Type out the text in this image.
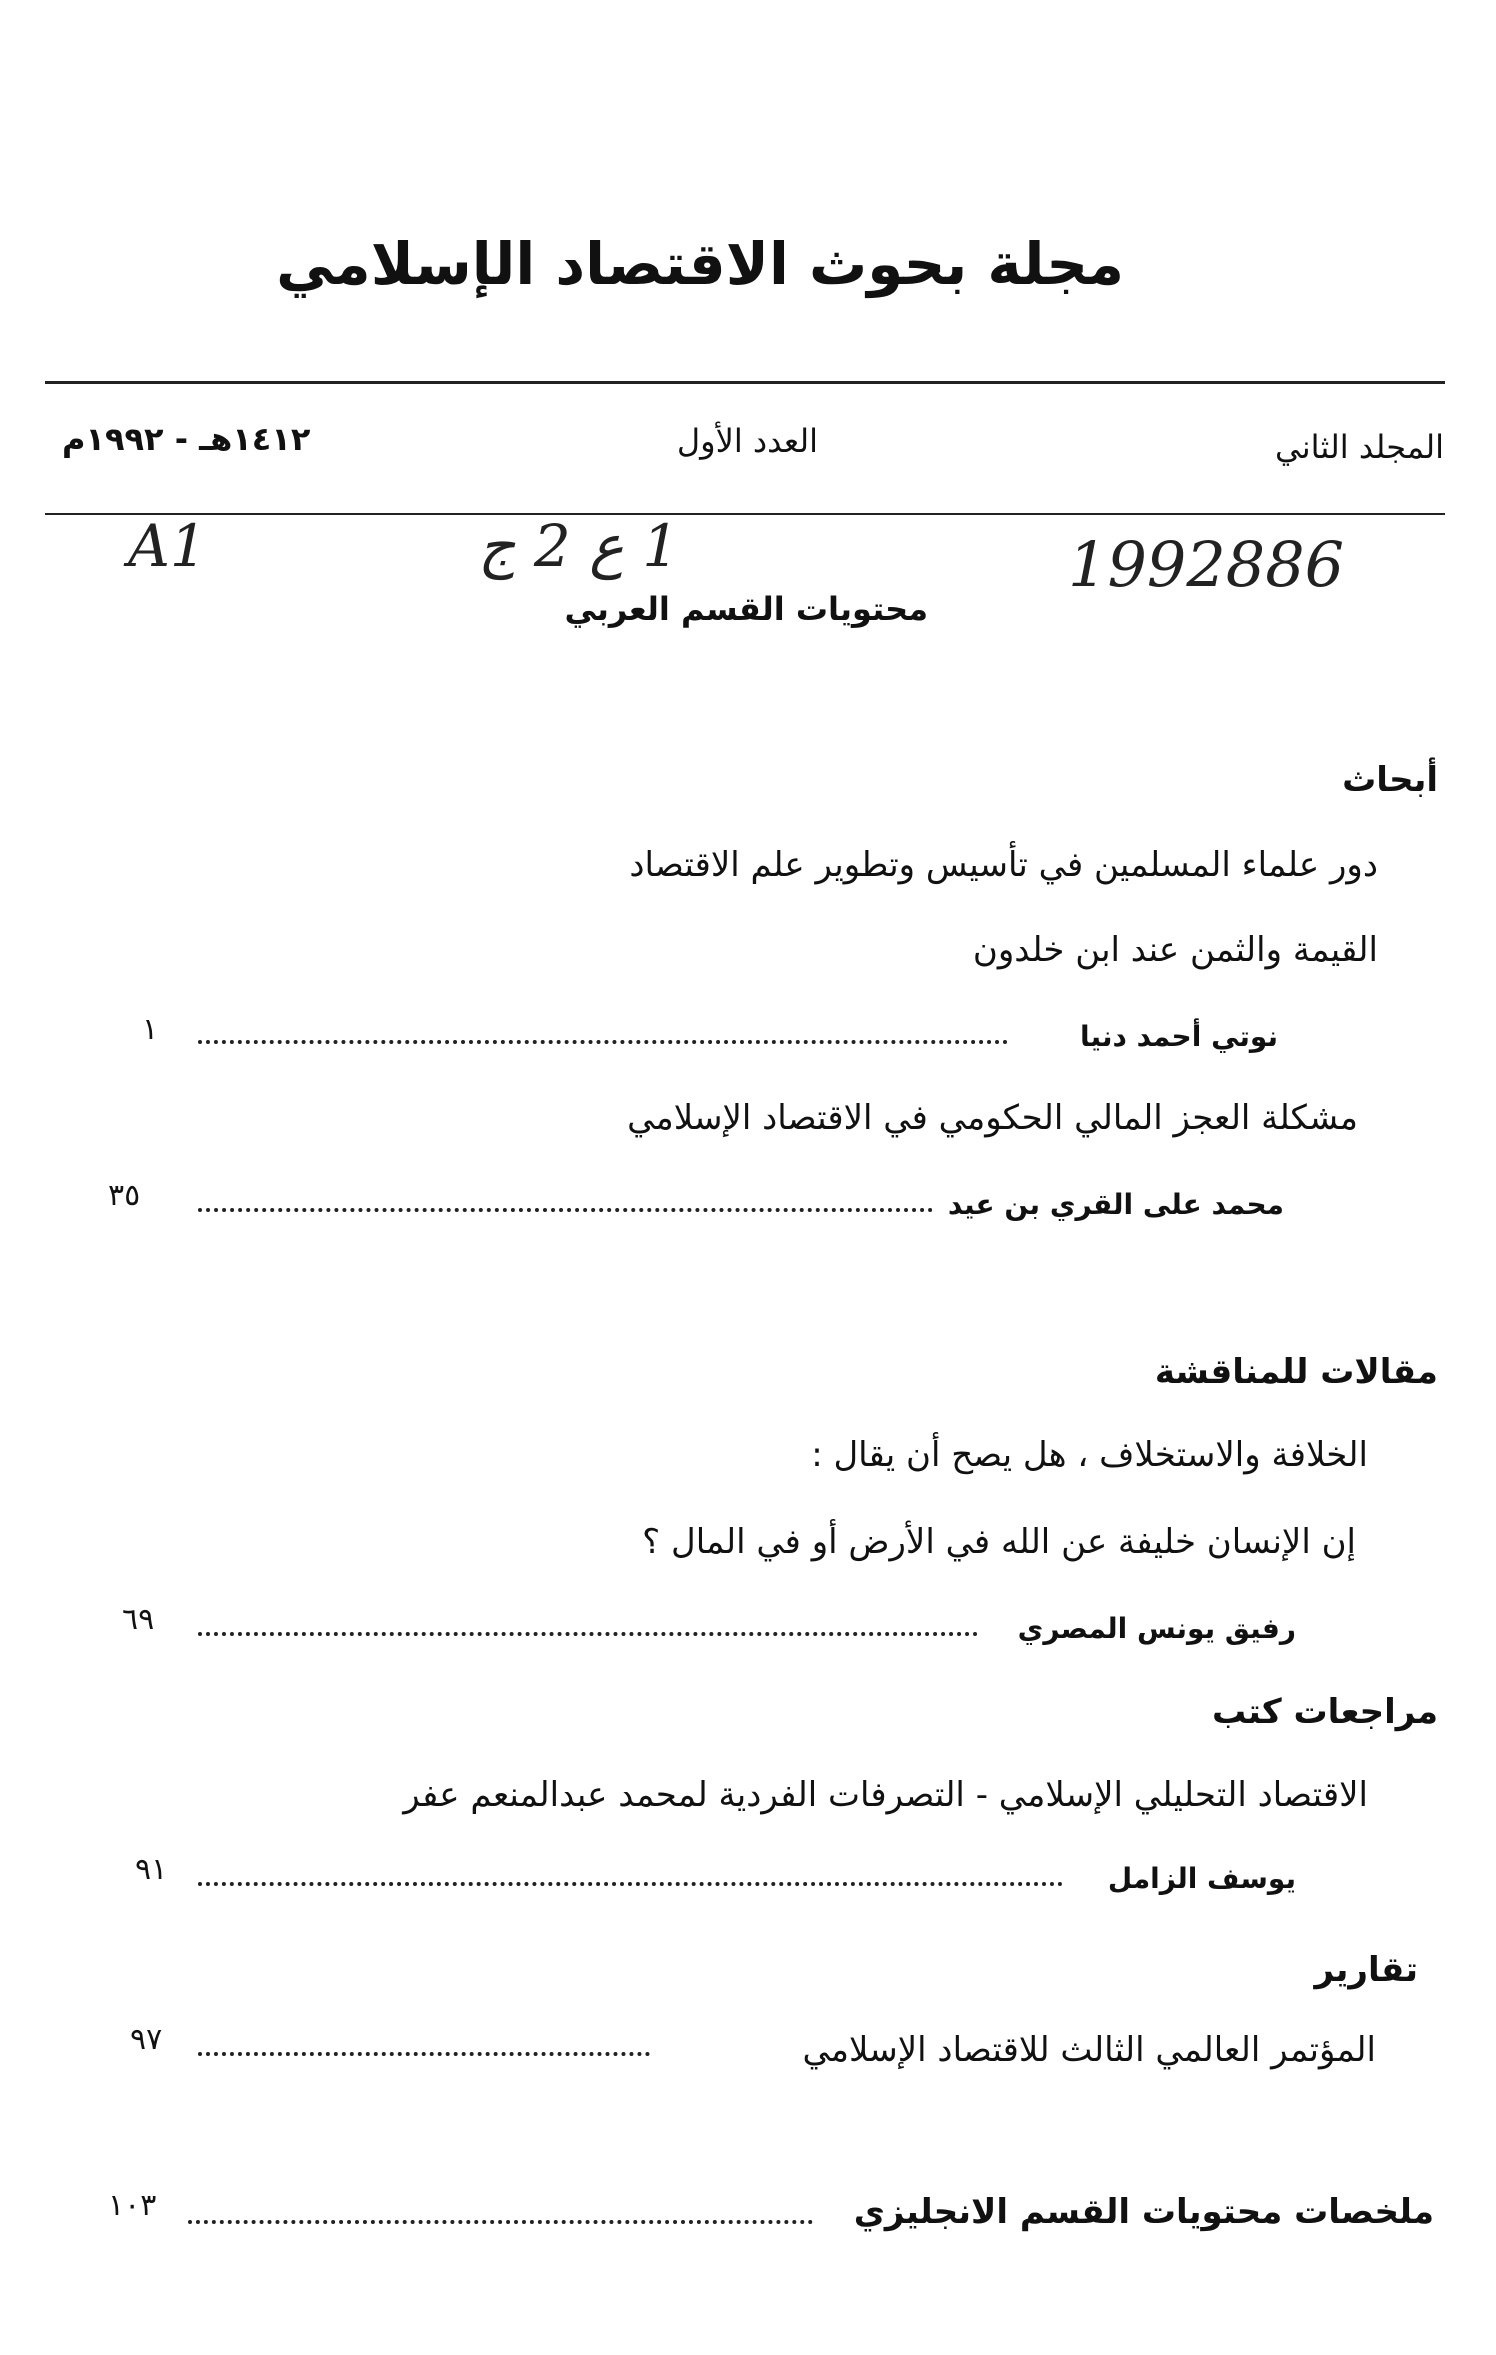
مجلة بحوث الاقتصاد الإسلامي
المجلد الثاني
العدد الأول
١٤١٢هـ - ١٩٩٢م
A1	1 ع 2 ج	1992886
محتويات القسم العربي
أبحاث
دور علماء المسلمين في تأسيس وتطوير علم الاقتصاد
القيمة والثمن عند ابن خلدون
نوتي أحمد دنيا
١
مشكلة العجز المالي الحكومي في الاقتصاد الإسلامي
محمد على القري بن عيد
٣٥
مقالات للمناقشة
الخلافة والاستخلاف ، هل يصح أن يقال :
إن الإنسان خليفة عن الله في الأرض أو في المال ؟
رفيق يونس المصري
٦٩
مراجعات كتب
الاقتصاد التحليلي الإسلامي - التصرفات الفردية لمحمد عبدالمنعم عفر
يوسف الزامل
٩١
تقارير
المؤتمر العالمي الثالث للاقتصاد الإسلامي
٩٧
ملخصات محتويات القسم الانجليزي
١٠٣
